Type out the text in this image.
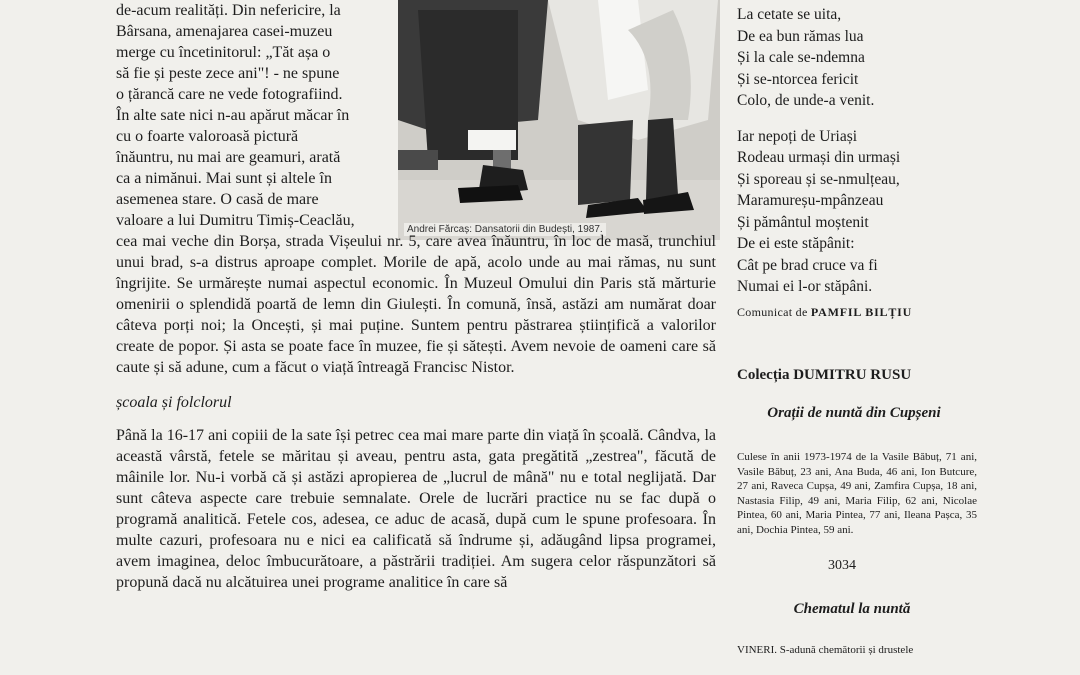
Andrei Fărcaș: Dansatorii din Budești, 1987.
de-acum realități. Din nefericire, la
Bârsana, amenajarea casei-muzeu
merge cu încetinitorul: „Tăt așa o
să fie și peste zece ani"! - ne spune
o țărancă care ne vede fotografiind.
În alte sate nici n-au apărut măcar în
cu o foarte valoroasă pictură
înăuntru, nu mai are geamuri, arată
ca a nimănui. Mai sunt și altele în
asemenea stare. O casă de mare
valoare a lui Dumitru Timiș-Ceaclău,

cea mai veche din Borșa, strada Vișeului nr. 5, care avea înăuntru, în loc de masă, trunchiul unui brad, s-a distrus aproape complet. Morile de apă, acolo unde au mai rămas, nu sunt îngrijite. Se urmărește numai aspectul economic. În Muzeul Omului din Paris stă mărturie omenirii o splendidă poartă de lemn din Giulești. În comună, însă, astăzi am numărat doar câteva porți noi; la Oncești, și mai puține. Suntem pentru păstrarea științifică a valorilor create de popor. Și asta se poate face în muzee, fie și sătești. Avem nevoie de oameni care să caute și să adune, cum a făcut o viață întreagă Francisc Nistor.

școala și folclorul

Până la 16-17 ani copiii de la sate își petrec cea mai mare parte din viață în școală. Cândva, la această vârstă, fetele se măritau și aveau, pentru asta, gata pregătită „zestrea", făcută de mâinile lor. Nu-i vorbă că și astăzi apropierea de „lucrul de mână" nu e total neglijată. Dar sunt câteva aspecte care trebuie semnalate. Orele de lucrări practice nu se fac după o programă analitică. Fetele cos, adesea, ce aduc de acasă, după cum le spune profesoara. În multe cazuri, profesoara nu e nici ea calificată să îndrume și, adăugând lipsa programei, avem imaginea, deloc îmbucurătoare, a păstrării tradiției. Am sugera celor răspunzători să propună dacă nu alcătuirea unei programe analitice în care să

La cetate se uita,
De ea bun rămas lua
Și la cale se-ndemna
Și se-ntorcea fericit
Colo, de unde-a venit.
Iar nepoți de Uriași
Rodeau urmași din urmași
Și sporeau și se-nmulțeau,
Maramureșu-mpânzeau
Și pământul moștenit
De ei este stăpânit:
Cât pe brad cruce va fi
Numai ei l-or stăpâni.
Comunicat de PAMFIL BILȚIU
Colecția DUMITRU RUSU
Orații de nuntă din Cupșeni
Culese în anii 1973-1974 de la Vasile Băbuț, 71 ani, Vasile Băbuț, 23 ani, Ana Buda, 46 ani, Ion Butcure, 27 ani, Raveca Cupșa, 49 ani, Zamfira Cupșa, 18 ani, Nastasia Filip, 49 ani, Maria Filip, 62 ani, Nicolae Pintea, 60 ani, Maria Pintea, 77 ani, Ileana Pașca, 35 ani, Dochia Pintea, 59 ani.
3034
Chematul la nuntă
VINERI. S-adună chemătorii și drustele
